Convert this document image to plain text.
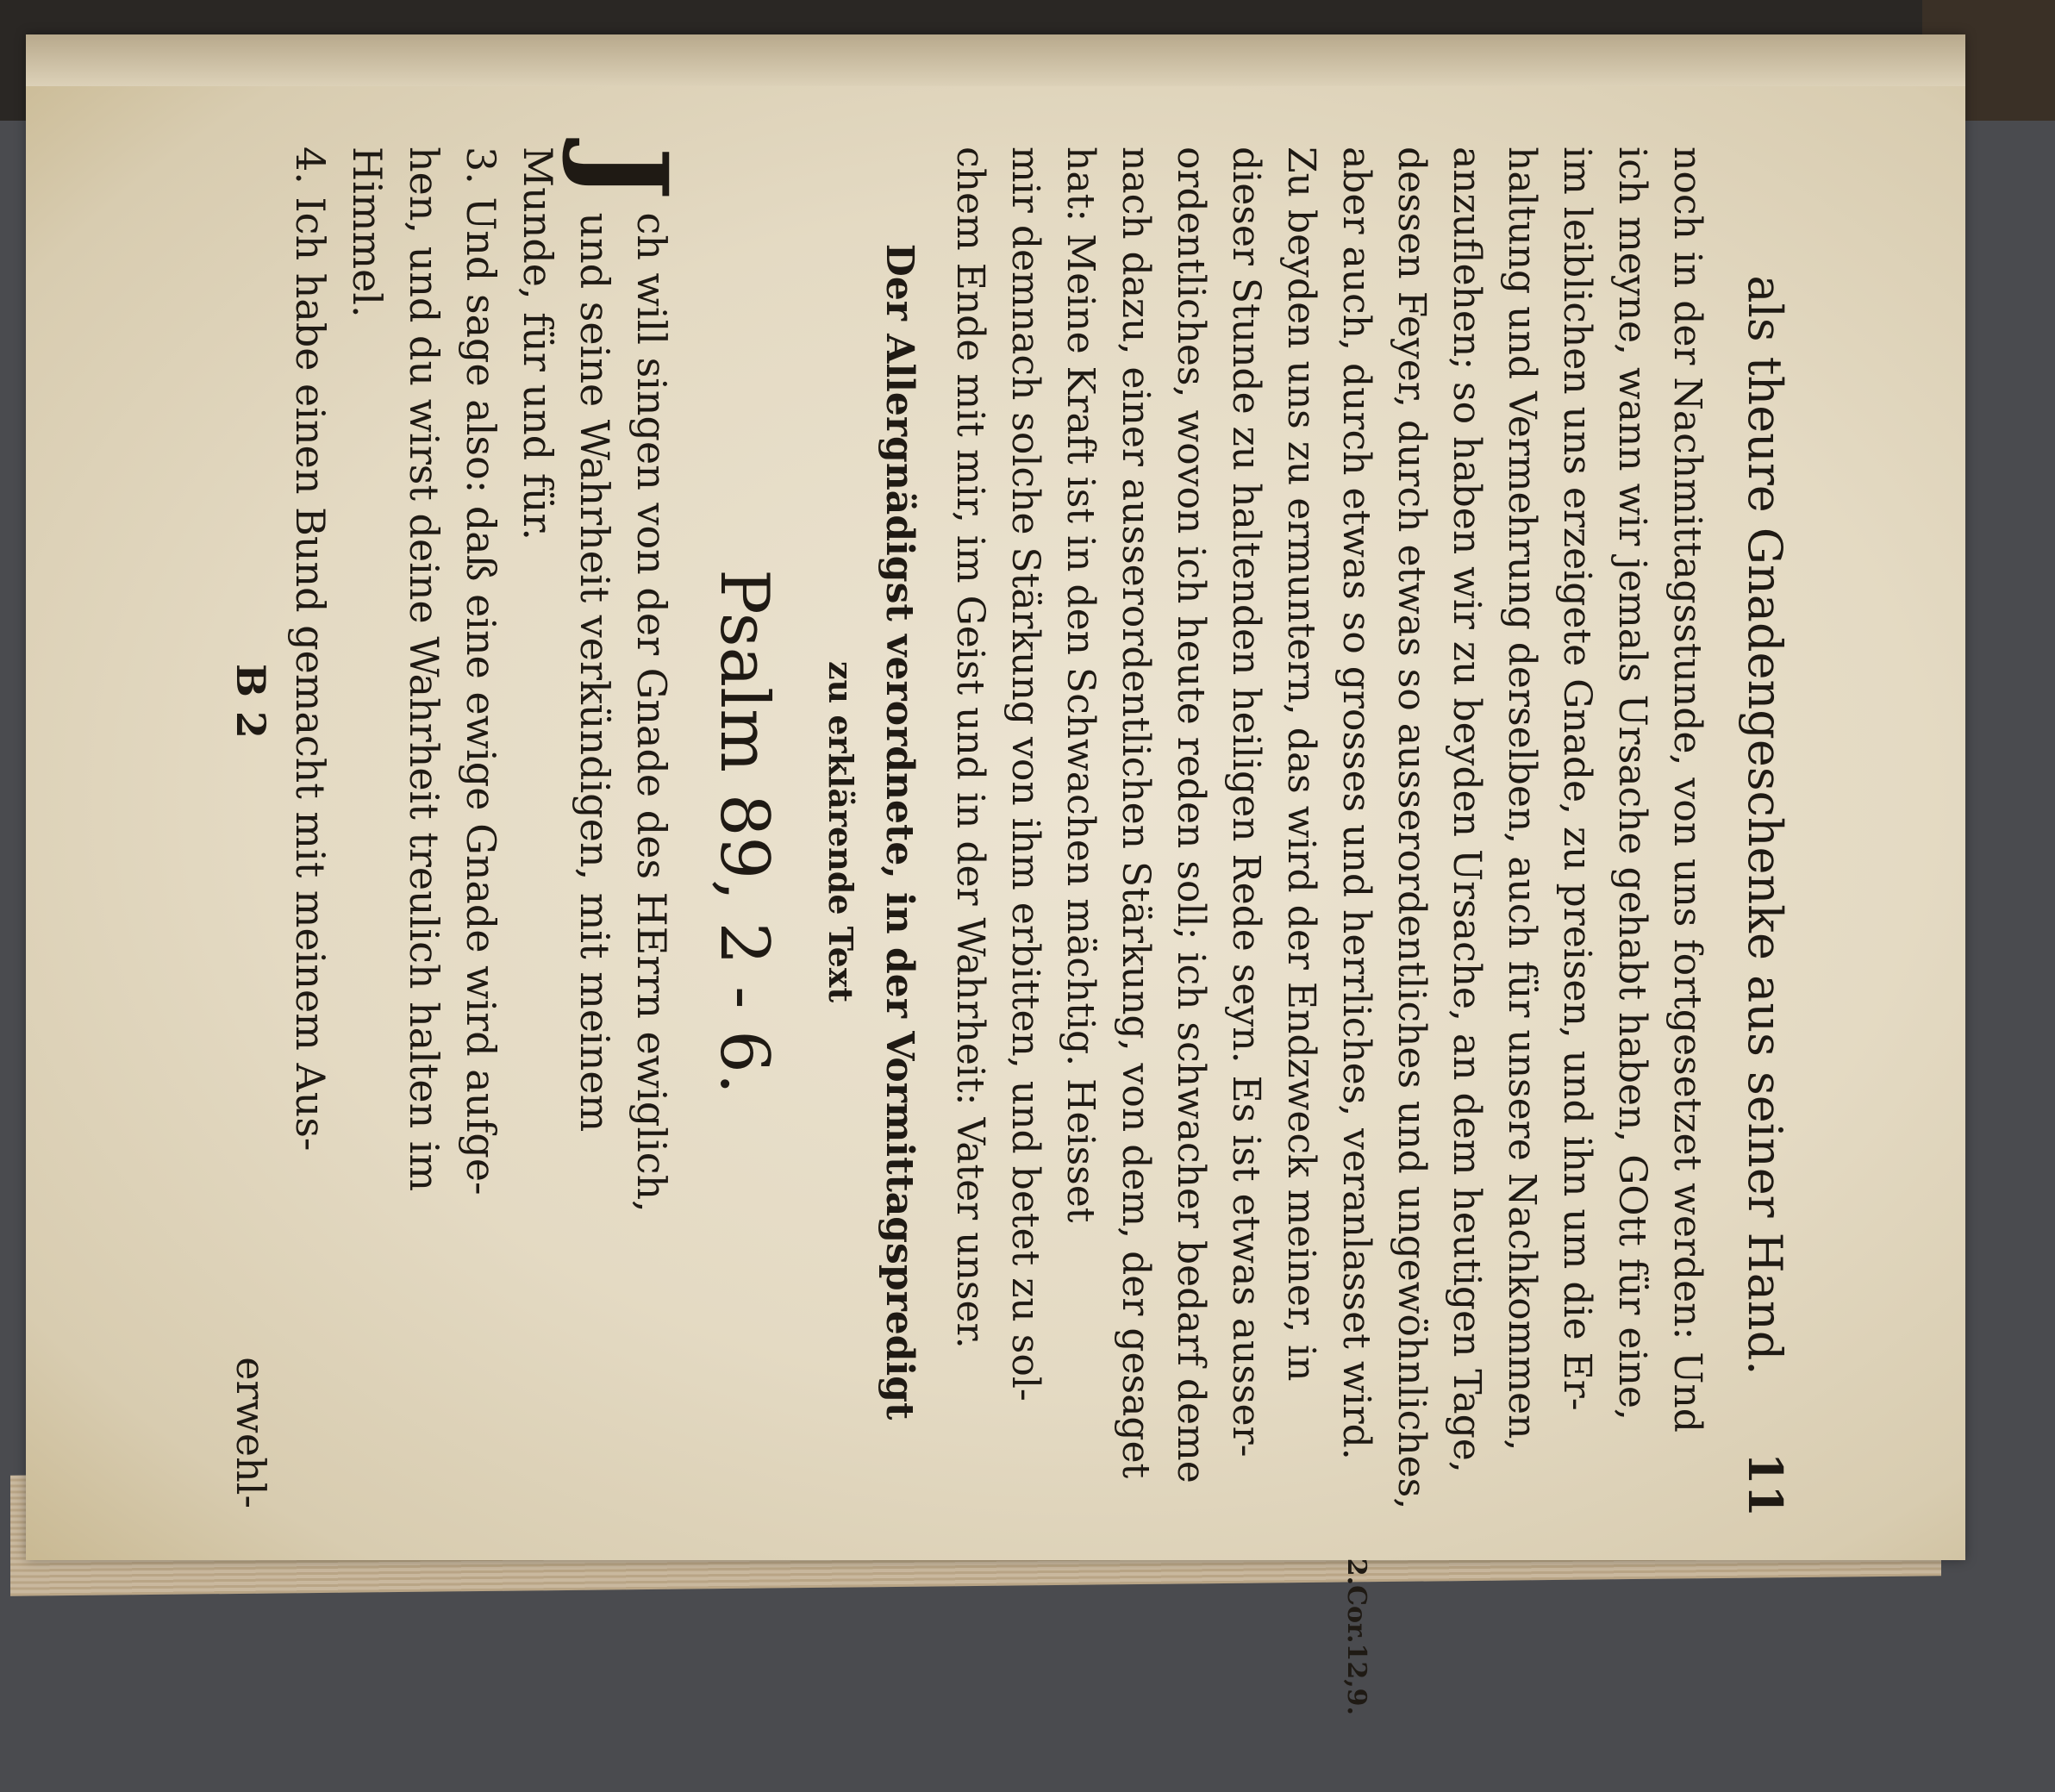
als theure Gnadengeschenke aus seiner Hand.
11
noch in der Nachmittagsstunde, von uns fortgesetzet werden: Und
ich meyne, wann wir jemals Ursache gehabt haben, GOtt für eine,
im leiblichen uns erzeigete Gnade, zu preisen, und ihn um die Er-
haltung und Vermehrung derselben, auch für unsere Nachkommen,
anzuflehen; so haben wir zu beyden Ursache, an dem heutigen Tage,
dessen Feyer, durch etwas so ausserordentliches und ungewöhnliches,
aber auch, durch etwas so grosses und herrliches, veranlasset wird.
Zu beyden uns zu ermuntern, das wird der Endzweck meiner, in
dieser Stunde zu haltenden heiligen Rede seyn. Es ist etwas ausser-
ordentliches, wovon ich heute reden soll; ich schwacher bedarf deme
nach dazu, einer ausserordentlichen Stärkung, von dem, der gesaget
hat: Meine Kraft ist in den Schwachen mächtig. Heisset
mir demnach solche Stärkung von ihm erbitten, und betet zu sol-
chem Ende mit mir, im Geist und in der Wahrheit: Vater unser.
2.Cor.12,9.
Der Allergnädigst verordnete, in der Vormittagspredigt
zu erklärende Text
Psalm 89, 2 - 6.
J
ch will singen von der Gnade des HErrn ewiglich,
und seine Wahrheit verkündigen, mit meinem
Munde, für und für.
3. Und sage also: daß eine ewige Gnade wird aufge-
hen, und du wirst deine Wahrheit treulich halten im
Himmel.
4. Ich habe einen Bund gemacht mit meinem Aus-
B 2
erwehl-
